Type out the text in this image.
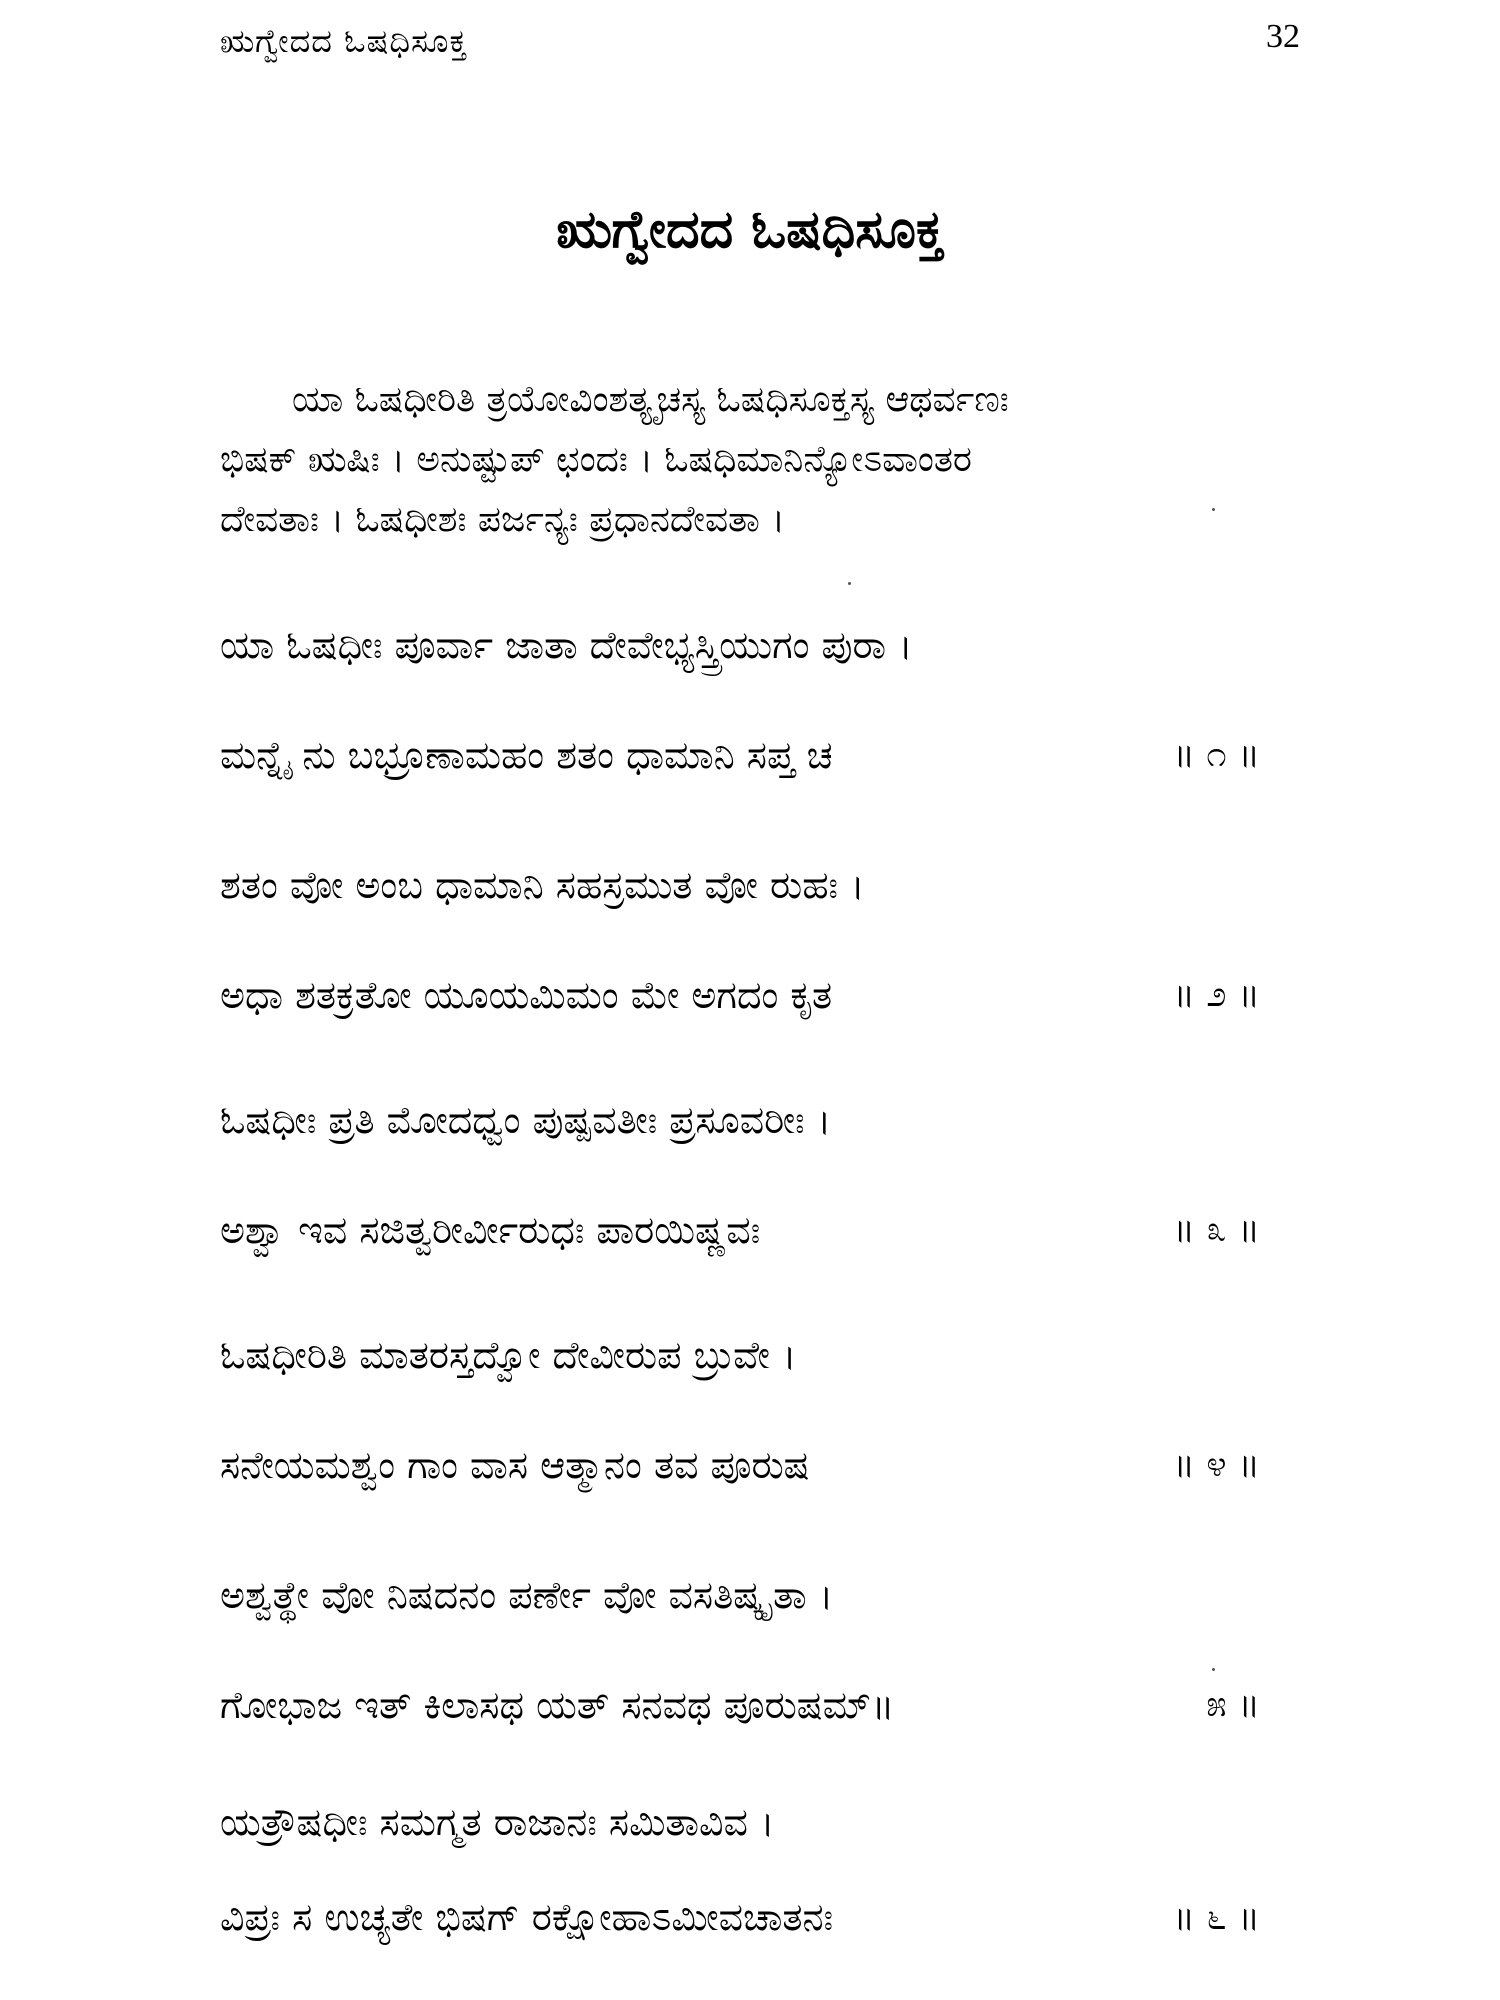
ಋಗ್ವೇದದ ಓಷಧಿಸೂಕ್ತ	32
ಋಗ್ವೇದದ ಓಷಧಿಸೂಕ್ತ
ಯಾ ಓಷಧೀರಿತಿ ತ್ರಯೋವಿಂಶತ್ಯೃಚಸ್ಯ ಓಷಧಿಸೂಕ್ತಸ್ಯ ಆಥರ್ವಣಃ
ಭಿಷಕ್ ಋಷಿಃ । ಅನುಷ್ಟುಪ್ ಛಂದಃ । ಓಷಧಿಮಾನಿನ್ಯೋಽವಾಂತರ
ದೇವತಾಃ । ಓಷಧೀಶಃ ಪರ್ಜನ್ಯಃ ಪ್ರಧಾನದೇವತಾ ।
ಯಾ ಓಷಧೀಃ ಪೂರ್ವಾ ಜಾತಾ ದೇವೇಭ್ಯಸ್ತ್ರಿಯುಗಂ ಪುರಾ ।
ಮನ್ನೈ ನು ಬಭ್ರೂಣಾಮಹಂ ಶತಂ ಧಾಮಾನಿ ಸಪ್ತ ಚ	॥ ೧ ॥
ಶತಂ ವೋ ಅಂಬ ಧಾಮಾನಿ ಸಹಸ್ರಮುತ ವೋ ರುಹಃ ।
ಅಧಾ ಶತಕ್ರತೋ ಯೂಯಮಿಮಂ ಮೇ ಅಗದಂ ಕೃತ	॥ ೨ ॥
ಓಷಧೀಃ ಪ್ರತಿ ಮೋದಧ್ವಂ ಪುಷ್ಪವತೀಃ ಪ್ರಸೂವರೀಃ ।
ಅಶ್ವಾ ಇವ ಸಜಿತ್ವರೀರ್ವೀರುಧಃ ಪಾರಯಿಷ್ಣವಃ	॥ ೩ ॥
ಓಷಧೀರಿತಿ ಮಾತರಸ್ತದ್ವೋ ದೇವೀರುಪ ಬ್ರುವೇ ।
ಸನೇಯಮಶ್ವಂ ಗಾಂ ವಾಸ ಆತ್ಮಾನಂ ತವ ಪೂರುಷ	॥ ೪ ॥
ಅಶ್ವತ್ಥೇ ವೋ ನಿಷದನಂ ಪರ್ಣೇ ವೋ ವಸತಿಷ್ಕೃತಾ ।
ಗೋಭಾಜ ಇತ್ ಕಿಲಾಸಥ ಯತ್ ಸನವಥ ಪೂರುಷಮ್॥	೫ ॥
ಯತ್ರೌಷಧೀಃ ಸಮಗ್ಮತ ರಾಜಾನಃ ಸಮಿತಾವಿವ ।
ವಿಪ್ರಃ ಸ ಉಚ್ಯತೇ ಭಿಷಗ್ ರಕ್ಷೋಹಾಽಮೀವಚಾತನಃ	॥ ೬ ॥
